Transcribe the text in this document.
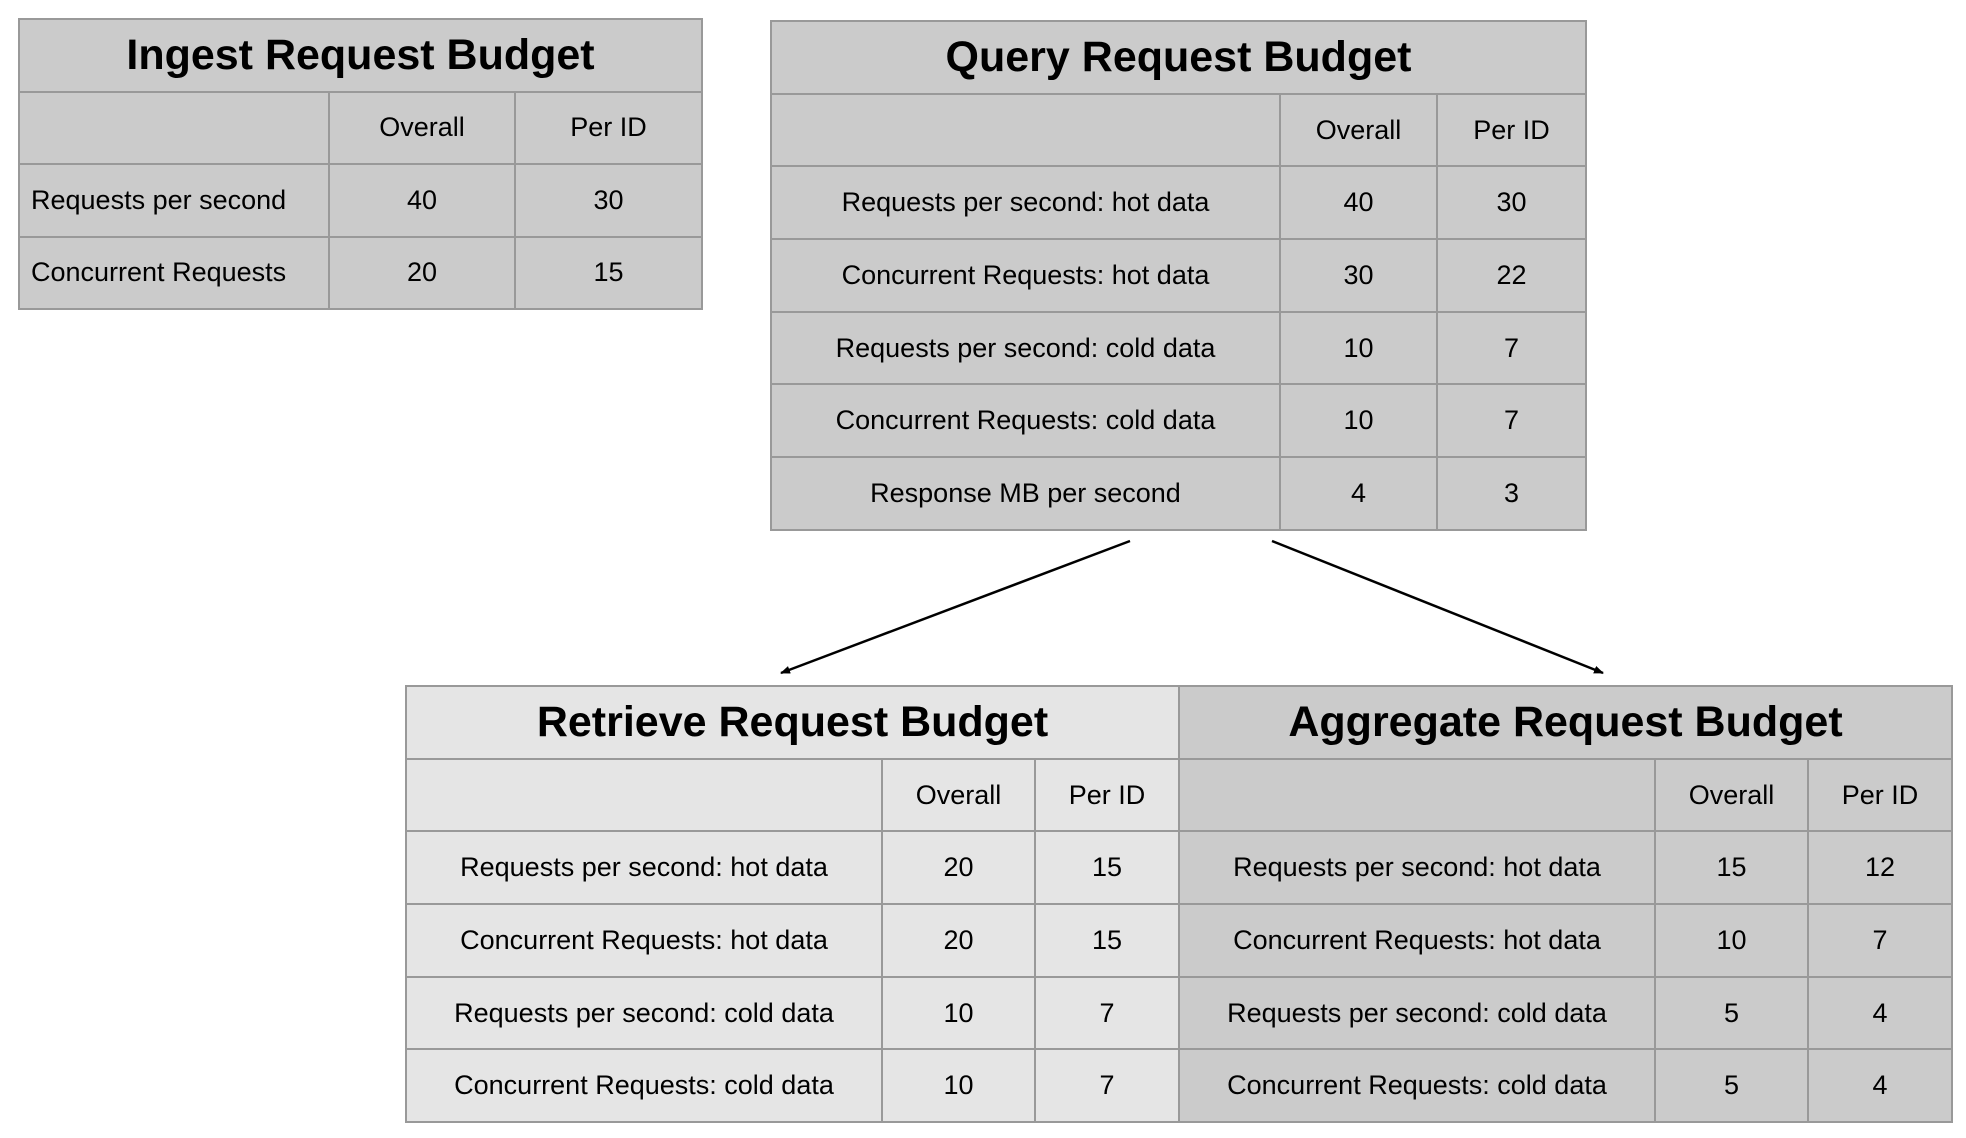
Ingest Request Budget		
	Overall	Per ID
Requests per second	40	30
Concurrent Requests	20	15
Query Request Budget		
	Overall	Per ID
Requests per second: hot data	40	30
Concurrent Requests: hot data	30	22
Requests per second: cold data	10	7
Concurrent Requests: cold data	10	7
Response MB per second	4	3
Retrieve Request Budget		
	Overall	Per ID
Requests per second: hot data	20	15
Concurrent Requests: hot data	20	15
Requests per second: cold data	10	7
Concurrent Requests: cold data	10	7
Aggregate Request Budget		
	Overall	Per ID
Requests per second: hot data	15	12
Concurrent Requests: hot data	10	7
Requests per second: cold data	5	4
Concurrent Requests: cold data	5	4
